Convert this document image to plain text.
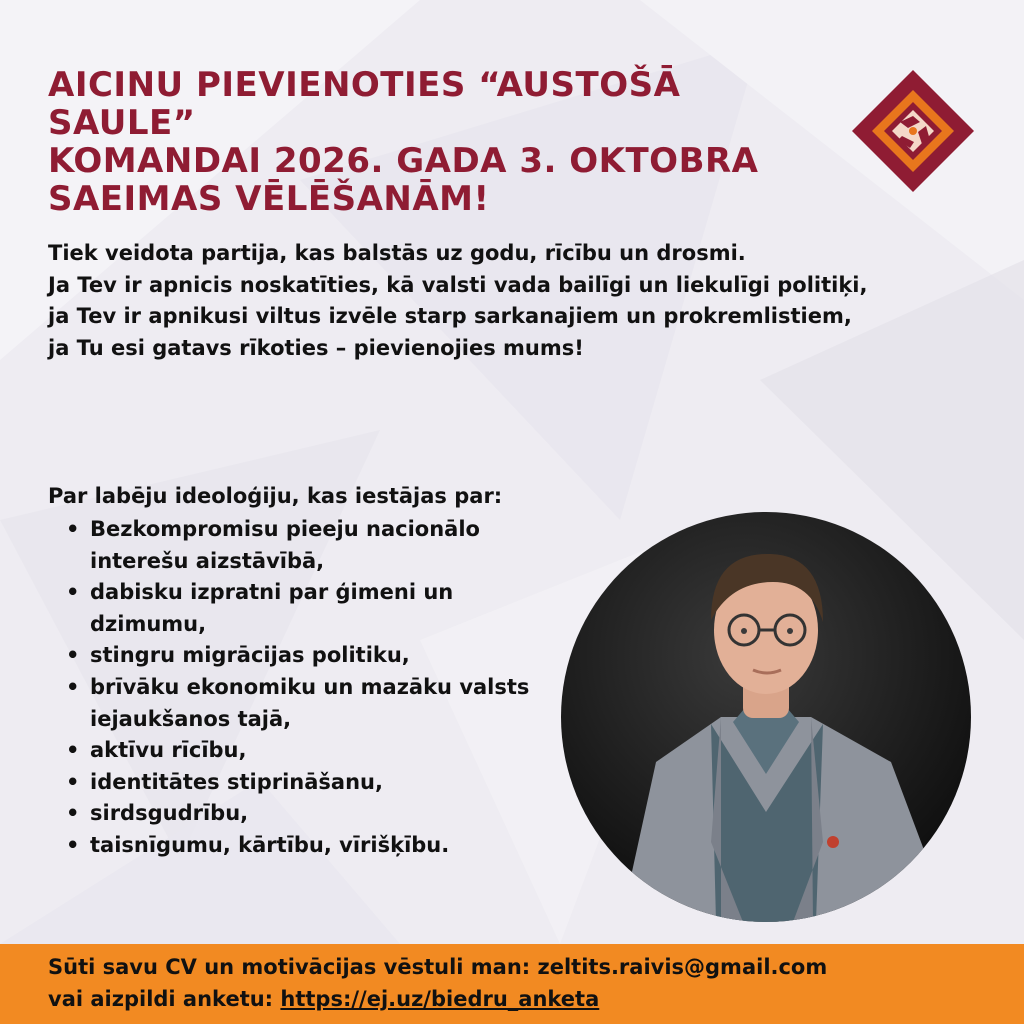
AICINU PIEVIENOTIES “AUSTOŠĀ SAULE”
KOMANDAI 2026. GADA 3. OKTOBRA
SAEIMAS VĒLĒŠANĀM!

Tiek veidota partija, kas balstās uz godu, rīcību un drosmi.

Ja Tev ir apnicis noskatīties, kā valsti vada bailīgi un liekulīgi politiķi,

ja Tev ir apnikusi viltus izvēle starp sarkanajiem un prokremlistiem,

ja Tu esi gatavs rīkoties – pievienojies mums!

Par labēju ideoloģiju, kas iestājas par:

• Bezkompromisu pieeju nacionālo interešu aizstāvībā,
• dabisku izpratni par ģimeni un dzimumu,
• stingru migrācijas politiku,
• brīvāku ekonomiku un mazāku valsts iejaukšanos tajā,
• aktīvu rīcību,
• identitātes stiprināšanu,
• sirdsgudrību,
• taisnīgumu, kārtību, vīrišķību.

Sūti savu CV un motivācijas vēstuli man: zeltits.raivis@gmail.com

vai aizpildi anketu: https://ej.uz/biedru_anketa
